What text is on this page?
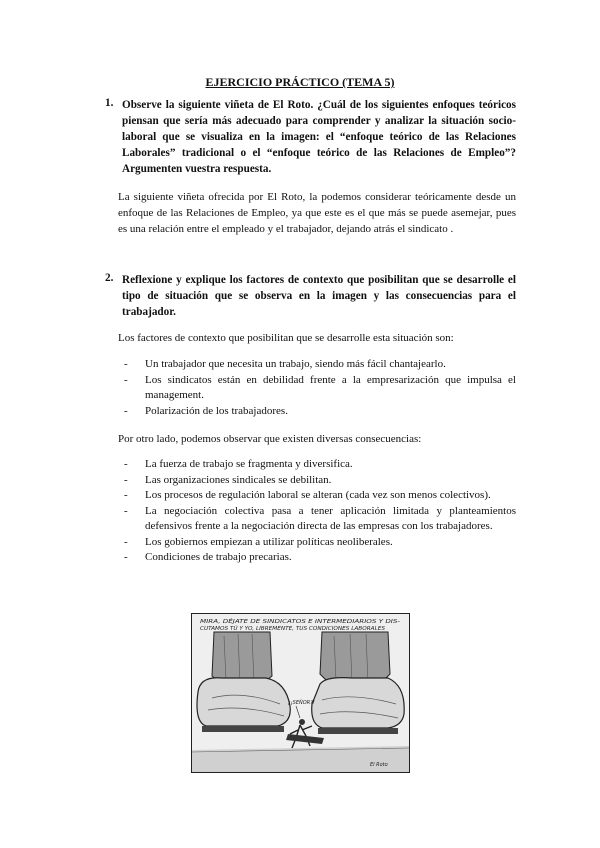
EJERCICIO PRÁCTICO (TEMA 5)
1. Observe la siguiente viñeta de El Roto. ¿Cuál de los siguientes enfoques teóricos piensan que sería más adecuado para comprender y analizar la situación socio-laboral que se visualiza en la imagen: el “enfoque teórico de las Relaciones Laborales” tradicional o el “enfoque teórico de las Relaciones de Empleo”? Argumenten vuestra respuesta.
La siguiente viñeta ofrecida por El Roto, la podemos considerar teóricamente desde un enfoque de las Relaciones de Empleo, ya que este es el que más se puede asemejar, pues es una relación entre el empleado y el trabajador, dejando atrás el sindicato .
2. Reflexione y explique los factores de contexto que posibilitan que se desarrolle el tipo de situación que se observa en la imagen y las consecuencias para el trabajador.
Los factores de contexto que posibilitan que se desarrolle esta situación son:
- Un trabajador que necesita un trabajo, siendo más fácil chantajearlo.
- Los sindicatos están en debilidad frente a la empresarización que impulsa el management.
- Polarización de los trabajadores.
Por otro lado, podemos observar que existen diversas consecuencias:
- La fuerza de trabajo se fragmenta y diversifica.
- Las organizaciones sindicales se debilitan.
- Los procesos de regulación laboral se alteran (cada vez son menos colectivos).
- La negociación colectiva pasa a tener aplicación limitada y planteamientos defensivos frente a la negociación directa de las empresas con los trabajadores.
- Los gobiernos empiezan a utilizar políticas neoliberales.
- Condiciones de trabajo precarias.
MIRA, DÉJATE DE SINDICATOS E INTERMEDIARIOS Y DIS-
CUTAMOS TÚ Y YO, LIBREMENTE, TUS CONDICIONES LABORALES
¿¡SEÑOR?!
El Roto
